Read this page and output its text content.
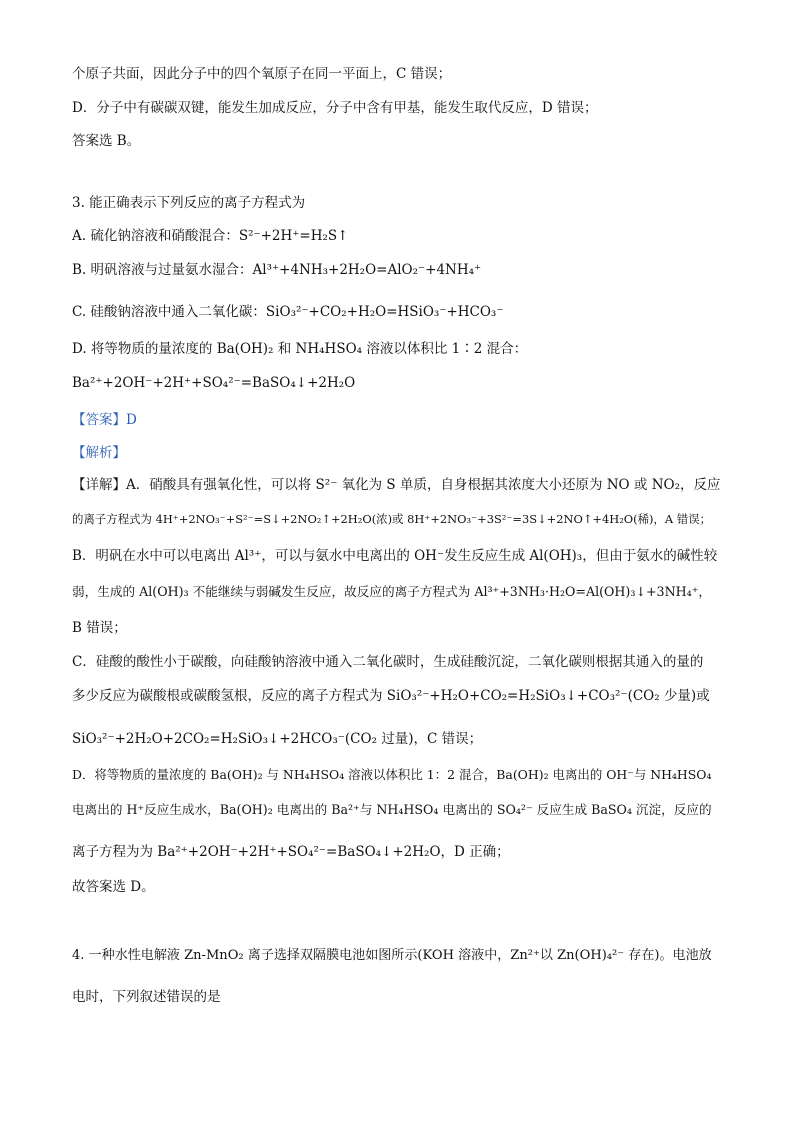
个原子共面，因此分子中的四个氧原子在同一平面上，C 错误；
D．分子中有碳碳双键，能发生加成反应，分子中含有甲基，能发生取代反应，D 错误；
答案选 B。
3. 能正确表示下列反应的离子方程式为
A. 硫化钠溶液和硝酸混合：S²⁻+2H⁺=H₂S↑
B. 明矾溶液与过量氨水湿合：Al³⁺+4NH₃+2H₂O=AlO₂⁻+4NH₄⁺
C. 硅酸钠溶液中通入二氧化碳：SiO₃²⁻+CO₂+H₂O=HSiO₃⁻+HCO₃⁻
D. 将等物质的量浓度的 Ba(OH)₂ 和 NH₄HSO₄ 溶液以体积比 1∶2 混合：
Ba²⁺+2OH⁻+2H⁺+SO₄²⁻=BaSO₄↓+2H₂O
【答案】D
【解析】
【详解】A．硝酸具有强氧化性，可以将 S²⁻ 氧化为 S 单质，自身根据其浓度大小还原为 NO 或 NO₂，反应
的离子方程式为 4H⁺+2NO₃⁻+S²⁻=S↓+2NO₂↑+2H₂O(浓)或 8H⁺+2NO₃⁻+3S²⁻=3S↓+2NO↑+4H₂O(稀)，A 错误；
B．明矾在水中可以电离出 Al³⁺，可以与氨水中电离出的 OH⁻发生反应生成 Al(OH)₃，但由于氨水的碱性较
弱，生成的 Al(OH)₃ 不能继续与弱碱发生反应，故反应的离子方程式为 Al³⁺+3NH₃·H₂O=Al(OH)₃↓+3NH₄⁺，
B 错误；
C．硅酸的酸性小于碳酸，向硅酸钠溶液中通入二氧化碳时，生成硅酸沉淀，二氧化碳则根据其通入的量的
多少反应为碳酸根或碳酸氢根，反应的离子方程式为 SiO₃²⁻+H₂O+CO₂=H₂SiO₃↓+CO₃²⁻(CO₂ 少量)或
SiO₃²⁻+2H₂O+2CO₂=H₂SiO₃↓+2HCO₃⁻(CO₂ 过量)，C 错误；
D．将等物质的量浓度的 Ba(OH)₂ 与 NH₄HSO₄ 溶液以体积比 1：2 混合，Ba(OH)₂ 电离出的 OH⁻与 NH₄HSO₄
电离出的 H⁺反应生成水，Ba(OH)₂ 电离出的 Ba²⁺与 NH₄HSO₄ 电离出的 SO₄²⁻ 反应生成 BaSO₄ 沉淀，反应的
离子方程为为 Ba²⁺+2OH⁻+2H⁺+SO₄²⁻=BaSO₄↓+2H₂O，D 正确；
故答案选 D。
4. 一种水性电解液 Zn-MnO₂ 离子选择双隔膜电池如图所示(KOH 溶液中，Zn²⁺以 Zn(OH)₄²⁻ 存在)。电池放
电时，下列叙述错误的是
